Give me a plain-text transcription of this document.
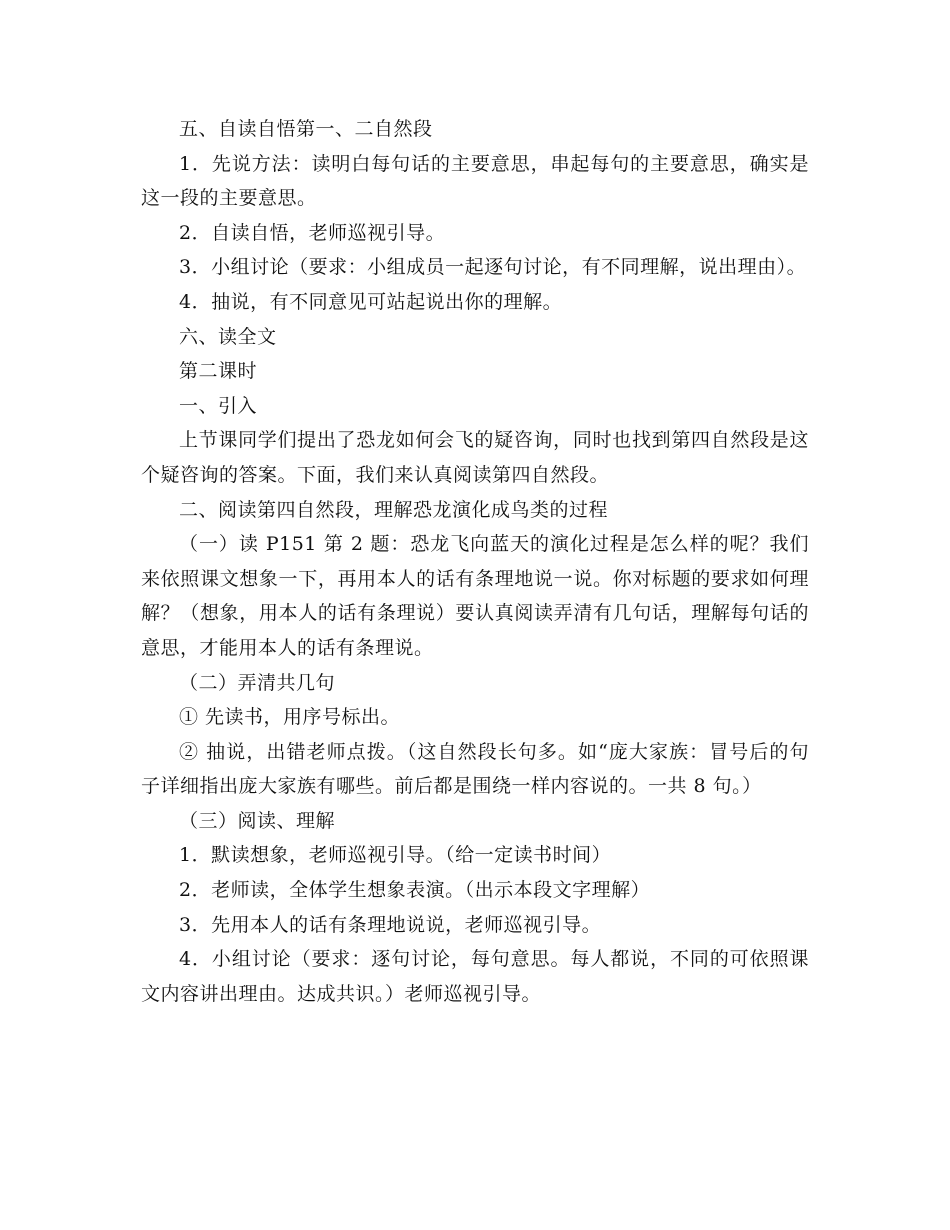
五、自读自悟第一、二自然段

1．先说方法：读明白每句话的主要意思，串起每句的主要意思，确实是这一段的主要意思。

2．自读自悟，老师巡视引导。

3．小组讨论（要求：小组成员一起逐句讨论，有不同理解，说出理由）。

4．抽说，有不同意见可站起说出你的理解。

六、读全文

第二课时

一、引入

上节课同学们提出了恐龙如何会飞的疑咨询，同时也找到第四自然段是这个疑咨询的答案。下面，我们来认真阅读第四自然段。

二、阅读第四自然段，理解恐龙演化成鸟类的过程

（一）读 P151 第 2 题：恐龙飞向蓝天的演化过程是怎么样的呢？我们来依照课文想象一下，再用本人的话有条理地说一说。你对标题的要求如何理解？（想象，用本人的话有条理说）要认真阅读弄清有几句话，理解每句话的意思，才能用本人的话有条理说。

（二）弄清共几句

① 先读书，用序号标出。

② 抽说，出错老师点拨。（这自然段长句多。如“庞大家族：冒号后的句子详细指出庞大家族有哪些。前后都是围绕一样内容说的。一共 8 句。）

（三）阅读、理解

1．默读想象，老师巡视引导。（给一定读书时间）

2．老师读，全体学生想象表演。（出示本段文字理解）

3．先用本人的话有条理地说说，老师巡视引导。

4．小组讨论（要求：逐句讨论，每句意思。每人都说，不同的可依照课文内容讲出理由。达成共识。）老师巡视引导。
